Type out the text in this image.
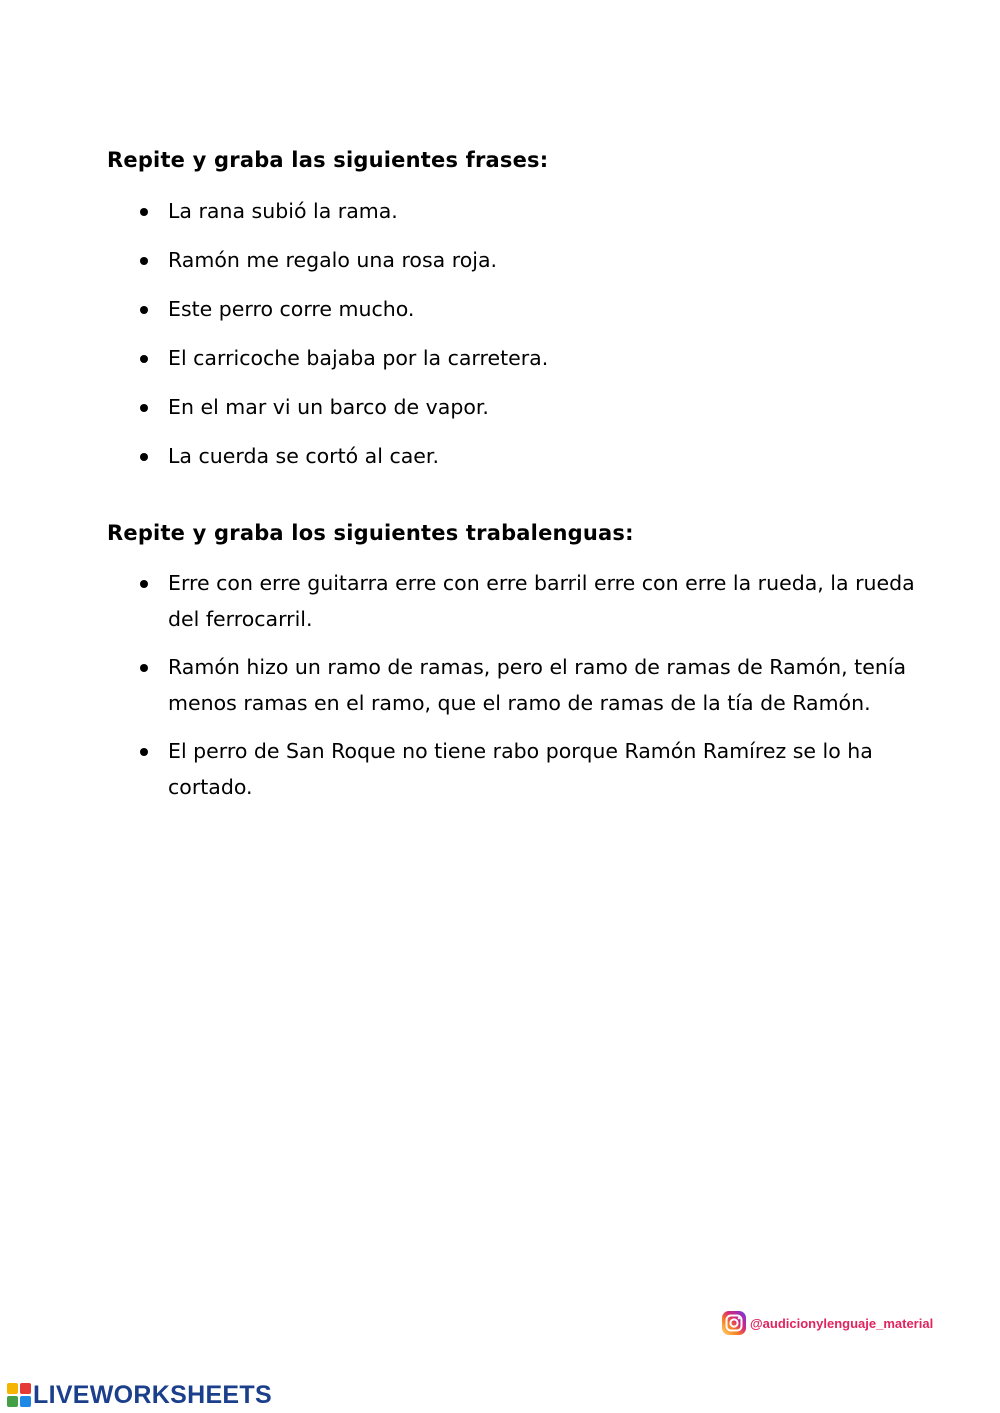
Repite y graba las siguientes frases:
La rana subió la rama.
Ramón me regalo una rosa roja.
Este perro corre mucho.
El carricoche bajaba por la carretera.
En el mar vi un barco de vapor.
La cuerda se cortó al caer.
Repite y graba los siguientes trabalenguas:
Erre con erre guitarra erre con erre barril erre con erre la rueda, la rueda del ferrocarril.
Ramón hizo un ramo de ramas, pero el ramo de ramas de Ramón, tenía menos ramas en el ramo, que el ramo de ramas de la tía de Ramón.
El perro de San Roque no tiene rabo porque Ramón Ramírez se lo ha cortado.
@audicionylenguaje_material
LIVEWORKSHEETS
